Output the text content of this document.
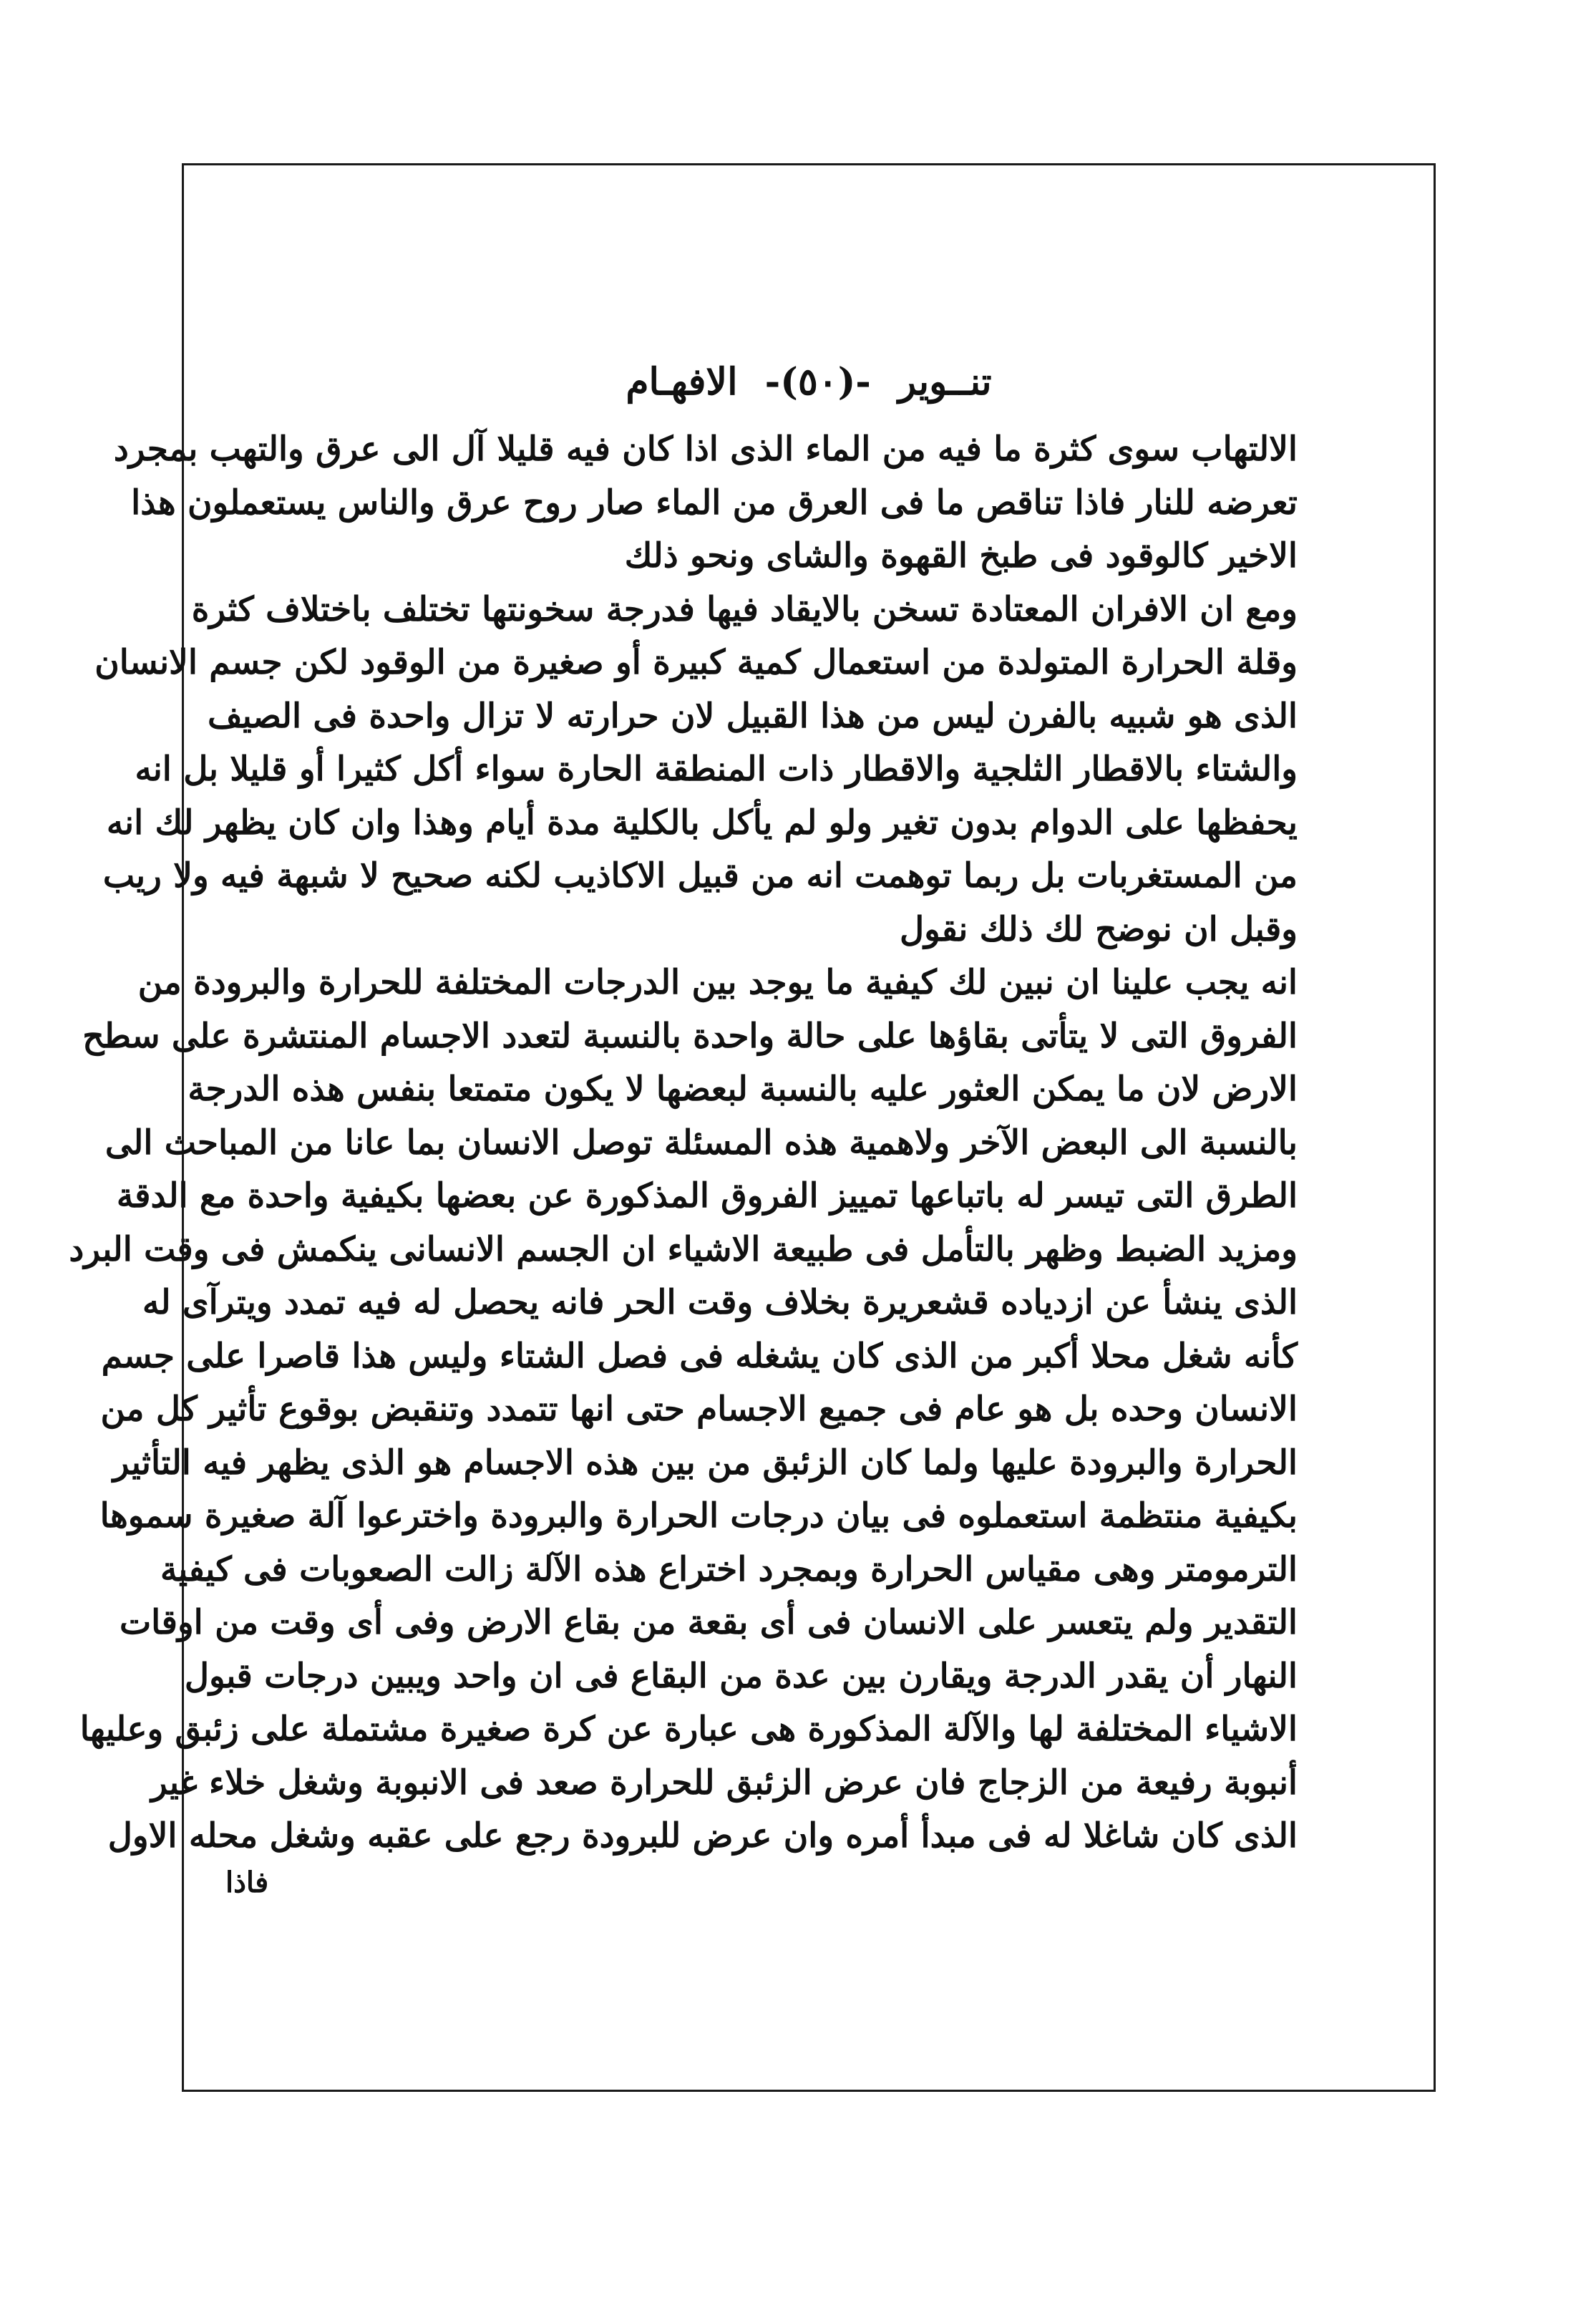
تنــوير -(٥٠)- الافهـام
الالتهاب سوى كثرة ما فيه من الماء الذى اذا كان فيه قليلا آل الى عرق والتهب بمجرد
تعرضه للنار فاذا تناقص ما فى العرق من الماء صار روح عرق والناس يستعملون هذا
الاخير كالوقود فى طبخ القهوة والشاى ونحو ذلك
ومع ان الافران المعتادة تسخن بالايقاد فيها فدرجة سخونتها تختلف باختلاف كثرة
وقلة الحرارة المتولدة من استعمال كمية كبيرة أو صغيرة من الوقود لكن جسم الانسان
الذى هو شبيه بالفرن ليس من هذا القبيل لان حرارته لا تزال واحدة فى الصيف
والشتاء بالاقطار الثلجية والاقطار ذات المنطقة الحارة سواء أكل كثيرا أو قليلا بل انه
يحفظها على الدوام بدون تغير ولو لم يأكل بالكلية مدة أيام وهذا وان كان يظهر لك انه
من المستغربات بل ربما توهمت انه من قبيل الاكاذيب لكنه صحيح لا شبهة فيه ولا ريب
وقبل ان نوضح لك ذلك نقول
انه يجب علينا ان نبين لك كيفية ما يوجد بين الدرجات المختلفة للحرارة والبرودة من
الفروق التى لا يتأتى بقاؤها على حالة واحدة بالنسبة لتعدد الاجسام المنتشرة على سطح
الارض لان ما يمكن العثور عليه بالنسبة لبعضها لا يكون متمتعا بنفس هذه الدرجة
بالنسبة الى البعض الآخر ولاهمية هذه المسئلة توصل الانسان بما عانا من المباحث الى
الطرق التى تيسر له باتباعها تمييز الفروق المذكورة عن بعضها بكيفية واحدة مع الدقة
ومزيد الضبط وظهر بالتأمل فى طبيعة الاشياء ان الجسم الانسانى ينكمش فى وقت البرد
الذى ينشأ عن ازدياده قشعريرة بخلاف وقت الحر فانه يحصل له فيه تمدد ويترآى له
كأنه شغل محلا أكبر من الذى كان يشغله فى فصل الشتاء وليس هذا قاصرا على جسم
الانسان وحده بل هو عام فى جميع الاجسام حتى انها تتمدد وتنقبض بوقوع تأثير كل من
الحرارة والبرودة عليها ولما كان الزئبق من بين هذه الاجسام هو الذى يظهر فيه التأثير
بكيفية منتظمة استعملوه فى بيان درجات الحرارة والبرودة واخترعوا آلة صغيرة سموها
الترمومتر وهى مقياس الحرارة وبمجرد اختراع هذه الآلة زالت الصعوبات فى كيفية
التقدير ولم يتعسر على الانسان فى أى بقعة من بقاع الارض وفى أى وقت من اوقات
النهار أن يقدر الدرجة ويقارن بين عدة من البقاع فى ان واحد ويبين درجات قبول
الاشياء المختلفة لها والآلة المذكورة هى عبارة عن كرة صغيرة مشتملة على زئبق وعليها
أنبوبة رفيعة من الزجاج فان عرض الزئبق للحرارة صعد فى الانبوبة وشغل خلاء غير
الذى كان شاغلا له فى مبدأ أمره وان عرض للبرودة رجع على عقبه وشغل محله الاول
فاذا
